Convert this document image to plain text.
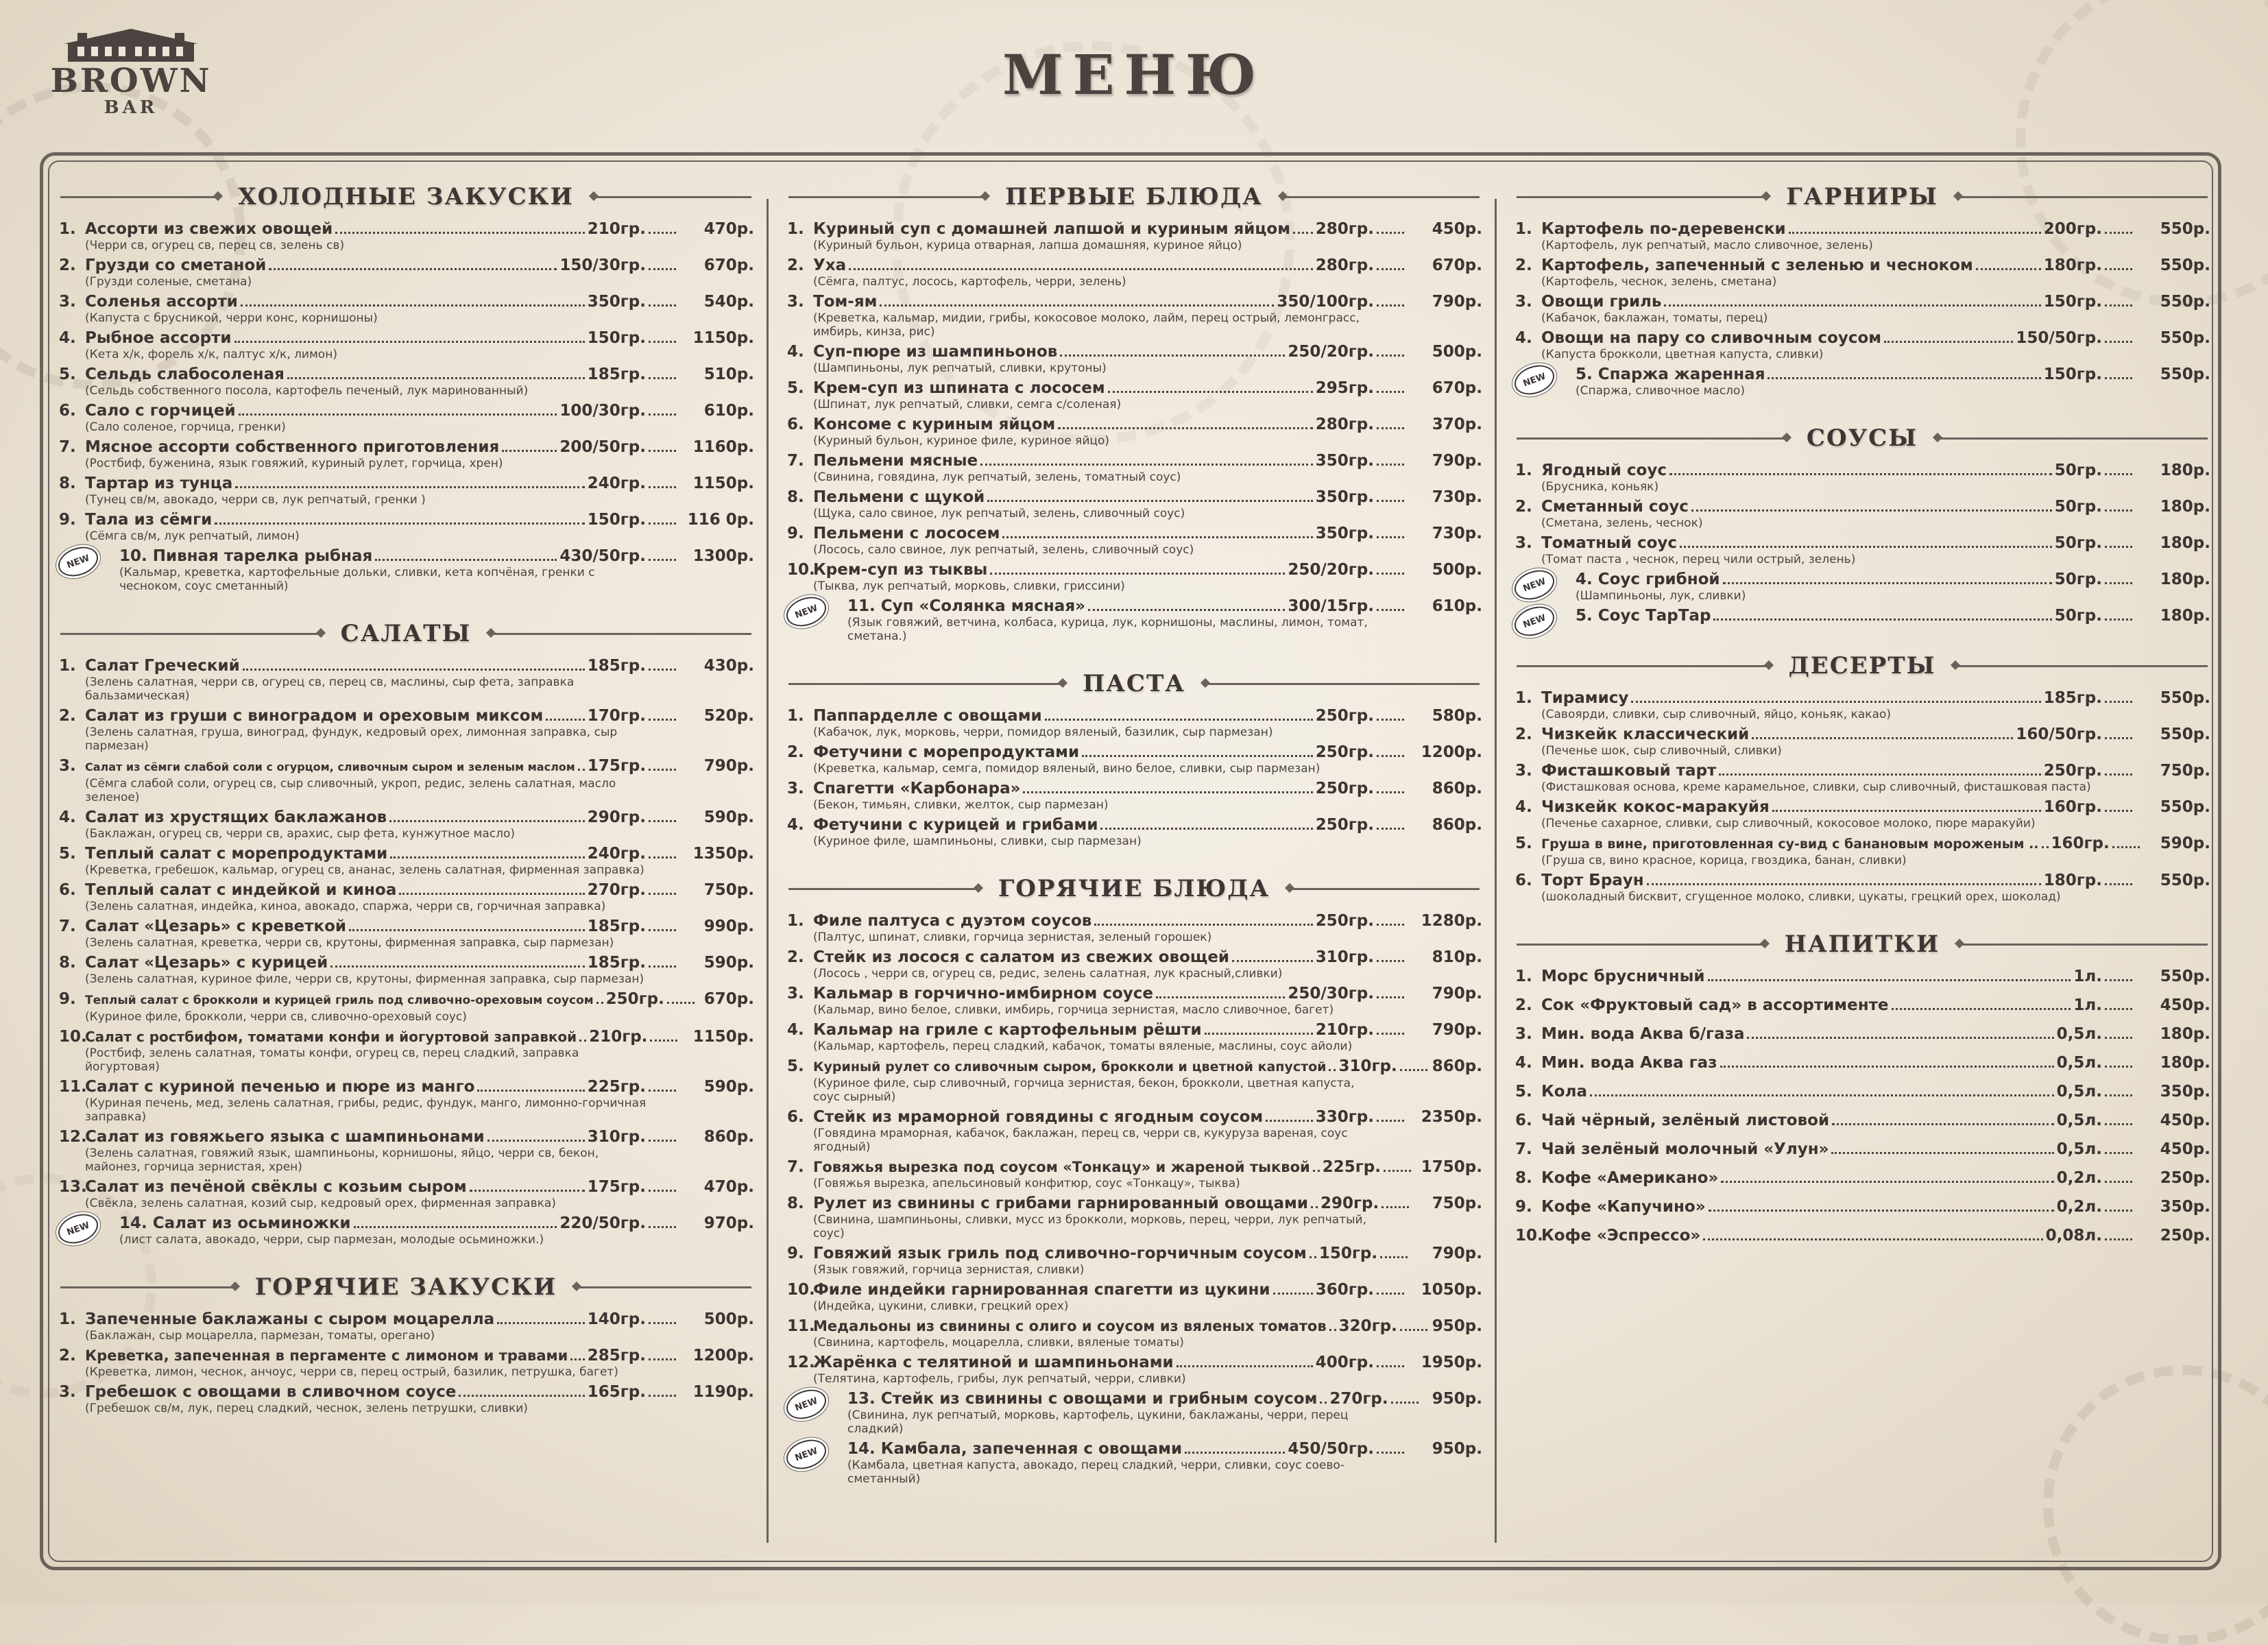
BROWN
BAR
МЕНЮ
ХОЛОДНЫЕ ЗАКУСКИ
1. Ассорти из свежих овощей	210гр.	470р.
(Черри св, огурец св, перец св, зелень св)
2. Грузди со сметаной	150/30гр.	670р.
(Грузди соленые, сметана)
3. Соленья ассорти	350гр.	540р.
(Капуста с брусникой, черри конс, корнишоны)
4. Рыбное ассорти	150гр.	1150р.
(Кета х/к, форель х/к, палтус х/к, лимон)
5. Сельдь слабосоленая	185гр.	510р.
(Сельдь собственного посола, картофель печеный, лук маринованный)
6. Сало с горчицей	100/30гр.	610р.
(Сало соленое, горчица, гренки)
7. Мясное ассорти собственного приготовления	200/50гр.	1160р.
(Ростбиф, буженина, язык говяжий, куриный рулет, горчица, хрен)
8. Тартар из тунца	240гр.	1150р.
(Тунец св/м, авокадо, черри св, лук репчатый, гренки )
9. Тала из сёмги	150гр.	116 0р.
(Сёмга св/м, лук репчатый, лимон)
NEW	10. Пивная тарелка рыбная	430/50гр.	1300р.
(Кальмар, креветка, картофельные дольки, сливки, кета копчёная, гренки с чесноком, соус сметанный)
САЛАТЫ
1. Салат Греческий	185гр.	430р.
(Зелень салатная, черри св, огурец св, перец св, маслины, сыр фета, заправка бальзамическая)
2. Салат из груши с виноградом и ореховым миксом	170гр.	520р.
(Зелень салатная, груша, виноград, фундук, кедровый орех, лимонная заправка, сыр пармезан)
3. Салат из сёмги слабой соли с огурцом, сливочным сыром и зеленым маслом 175гр.	790р.
(Сёмга слабой соли, огурец св, сыр сливочный, укроп, редис, зелень салатная, масло зеленое)
4. Салат из хрустящих баклажанов	290гр.	590р.
(Баклажан, огурец св, черри св, арахис, сыр фета, кунжутное масло)
5. Теплый салат с морепродуктами	240гр.	1350р.
(Креветка, гребешок, кальмар, огурец св, ананас, зелень салатная, фирменная заправка)
6. Теплый салат с индейкой и киноа	270гр.	750р.
(Зелень салатная, индейка, киноа, авокадо, спаржа, черри св, горчичная заправка)
7. Салат «Цезарь» с креветкой	185гр.	990р.
(Зелень салатная, креветка, черри св, крутоны, фирменная заправка, сыр пармезан)
8. Салат «Цезарь» с курицей	185гр.	590р.
(Зелень салатная, куриное филе, черри св, крутоны, фирменная заправка, сыр пармезан)
9. Теплый салат с брокколи и курицей гриль под сливочно-ореховым соусом 250гр.	670р.
(Куриное филе, брокколи, черри св, сливочно-ореховый соус)
10.
Салат с ростбифом, томатами конфи и йогуртовой заправкой 210гр.	1150р.
(Ростбиф, зелень салатная, томаты конфи, огурец св, перец сладкий, заправка йогуртовая)
11.
Салат с куриной печенью и пюре из манго	225гр.	590р.
(Куриная печень, мед, зелень салатная, грибы, редис, фундук, манго, лимонно-горчичная заправка)
12.
Салат из говяжьего языка с шампиньонами	310гр.	860р.
(Зелень салатная, говяжий язык, шампиньоны, корнишоны, яйцо, черри св, бекон, майонез, горчица зернистая, хрен)
13.
Салат из печёной свёклы с козьим сыром	175гр.	470р.
(Свёкла, зелень салатная, козий сыр, кедровый орех, фирменная заправка)
NEW	14. Салат из осьминожки	220/50гр.	970р.
(лист салата, авокадо, черри, сыр пармезан, молодые осьминожки.)
ГОРЯЧИЕ ЗАКУСКИ
1. Запеченные баклажаны с сыром моцарелла	140гр.	500р.
(Баклажан, сыр моцарелла, пармезан, томаты, орегано)
2. Креветка, запеченная в пергаменте с лимоном и травами 285гр.	1200р.
(Креветка, лимон, чеснок, анчоус, черри св, перец острый, базилик, петрушка, багет)
3. Гребешок с овощами в сливочном соусе	165гр.	1190р.
(Гребешок св/м, лук, перец сладкий, чеснок, зелень петрушки, сливки)
ПЕРВЫЕ БЛЮДА
1. Куриный суп с домашней лапшой и куриным яйцом 280гр.	450р.
(Куриный бульон, курица отварная, лапша домашняя, куриное яйцо)
2. Уха	280гр.	670р.
(Сёмга, палтус, лосось, картофель, черри, зелень)
3. Том-ям	350/100гр.	790р.
(Креветка, кальмар, мидии, грибы, кокосовое молоко, лайм, перец острый, лемонграсс, имбирь, кинза, рис)
4. Суп-пюре из шампиньонов	250/20гр.	500р.
(Шампиньоны, лук репчатый, сливки, крутоны)
5. Крем-суп из шпината с лососем	295гр.	670р.
(Шпинат, лук репчатый, сливки, семга с/соленая)
6. Консоме с куриным яйцом	280гр.	370р.
(Куриный бульон, куриное филе, куриное яйцо)
7. Пельмени мясные	350гр.	790р.
(Свинина, говядина, лук репчатый, зелень, томатный соус)
8. Пельмени с щукой	350гр.	730р.
(Щука, сало свиное, лук репчатый, зелень, сливочный соус)
9. Пельмени с лососем	350гр.	730р.
(Лосось, сало свиное, лук репчатый, зелень, сливочный соус)
10.
Крем-суп из тыквы	250/20гр.	500р.
(Тыква, лук репчатый, морковь, сливки, гриссини)
NEW	11. Суп «Солянка мясная»	300/15гр.	610р.
(Язык говяжий, ветчина, колбаса, курица, лук, корнишоны, маслины, лимон, томат, сметана.)
ПАСТА
1. Паппарделле с овощами	250гр.	580р.
(Кабачок, лук, морковь, черри, помидор вяленый, базилик, сыр пармезан)
2. Фетучини с морепродуктами	250гр.	1200р.
(Креветка, кальмар, семга, помидор вяленый, вино белое, сливки, сыр пармезан)
3. Спагетти «Карбонара»	250гр.	860р.
(Бекон, тимьян, сливки, желток, сыр пармезан)
4. Фетучини с курицей и грибами	250гр.	860р.
(Куриное филе, шампиньоны, сливки, сыр пармезан)
ГОРЯЧИЕ БЛЮДА
1. Филе палтуса с дуэтом соусов	250гр.	1280р.
(Палтус, шпинат, сливки, горчица зернистая, зеленый горошек)
2. Стейк из лосося с салатом из свежих овощей	310гр.	810р.
(Лосось , черри св, огурец св, редис, зелень салатная, лук красный,сливки)
3. Кальмар в горчично-имбирном соусе	250/30гр.	790р.
(Кальмар, вино белое, сливки, имбирь, горчица зернистая, масло сливочное, багет)
4. Кальмар на гриле с картофельным рёшти	210гр.	790р.
(Кальмар, картофель, перец сладкий, кабачок, томаты вяленые, маслины, соус айоли)
5. Куриный рулет со сливочным сыром, брокколи и цветной капустой 310гр. 860р.
(Куриное филе, сыр сливочный, горчица зернистая, бекон, брокколи, цветная капуста, соус сырный)
6. Стейк из мраморной говядины с ягодным соусом	330гр.	2350р.
(Говядина мраморная, кабачок, баклажан, перец св, черри св, кукуруза вареная, соус ягодный)
7. Говяжья вырезка под соусом «Тонкацу» и жареной тыквой 225гр.	1750р.
(Говяжья вырезка, апельсиновый конфитюр, соус «Тонкацу», тыква)
8. Рулет из свинины с грибами гарнированный овощами 290гр.	750р.
(Свинина, шампиньоны, сливки, мусс из брокколи, морковь, перец, черри, лук репчатый, соус)
9. Говяжий язык гриль под сливочно-горчичным соусом 150гр.	790р.
(Язык говяжий, горчица зернистая, сливки)
10.
Филе индейки гарнированная спагетти из цукини	360гр.	1050р.
(Индейка, цукини, сливки, грецкий орех)
11.
Медальоны из свинины с олиго и соусом из вяленых томатов 320гр. 950р.
(Свинина, картофель, моцарелла, сливки, вяленые томаты)
12.
Жарёнка с телятиной и шампиньонами	400гр.	1950р.
(Телятина, картофель, грибы, лук репчатый, черри, сливки)
NEW	13. Стейк из свинины с овощами и грибным соусом 270гр.	950р.
(Свинина, лук репчатый, морковь, картофель, цукини, баклажаны, черри, перец сладкий)
NEW	14. Камбала, запеченная с овощами	450/50гр.	950р.
(Камбала, цветная капуста, авокадо, перец сладкий, черри, сливки, соус соево-сметанный)
ГАРНИРЫ
1. Картофель по-деревенски	200гр.	550р.
(Картофель, лук репчатый, масло сливочное, зелень)
2. Картофель, запеченный с зеленью и чесноком	180гр.	550р.
(Картофель, чеснок, зелень, сметана)
3. Овощи гриль	150гр.	550р.
(Кабачок, баклажан, томаты, перец)
4. Овощи на пару со сливочным соусом	150/50гр.	550р.
(Капуста брокколи, цветная капуста, сливки)
NEW	5. Спаржа жаренная	150гр.	550р.
(Спаржа, сливочное масло)
СОУСЫ
1. Ягодный соус	50гр.	180р.
(Брусника, коньяк)
2. Сметанный соус	50гр.	180р.
(Сметана, зелень, чеснок)
3. Томатный соус	50гр.	180р.
(Томат паста , чеснок, перец чили острый, зелень)
NEW	4. Соус грибной	50гр.	180р.
(Шампиньоны, лук, сливки)
NEW	5. Соус ТарТар	50гр.	180р.
ДЕСЕРТЫ
1. Тирамису	185гр.	550р.
(Савоярди, сливки, сыр сливочный, яйцо, коньяк, какао)
2. Чизкейк классический	160/50гр.	550р.
(Печенье шок, сыр сливочный, сливки)
3. Фисташковый тарт	250гр.	750р.
(Фисташковая основа, креме карамельное, сливки, сыр сливочный, фисташковая паста)
4. Чизкейк кокос-маракуйя	160гр.	550р.
(Печенье сахарное, сливки, сыр сливочный, кокосовое молоко, пюре маракуйи)
5. Груша в вине, приготовленная су-вид с банановым мороженым .. 160гр.	590р.
(Груша св, вино красное, корица, гвоздика, банан, сливки)
6. Торт Браун	180гр.	550р.
(шоколадный бисквит, сгущенное молоко, сливки, цукаты, грецкий орех, шоколад)
НАПИТКИ
1. Морс брусничный	1л.	550р.
2. Сок «Фруктовый сад» в ассортименте	1л.	450р.
3. Мин. вода Аква б/газа	0,5л.	180р.
4. Мин. вода Аква газ	0,5л.	180р.
5. Кола	0,5л.	350р.
6. Чай чёрный, зелёный листовой	0,5л.	450р.
7. Чай зелёный молочный «Улун»	0,5л.	450р.
8. Кофе «Американо»	0,2л.	250р.
9. Кофе «Капучино»	0,2л.	350р.
10.
Кофе «Эспрессо»	0,08л.	250р.
